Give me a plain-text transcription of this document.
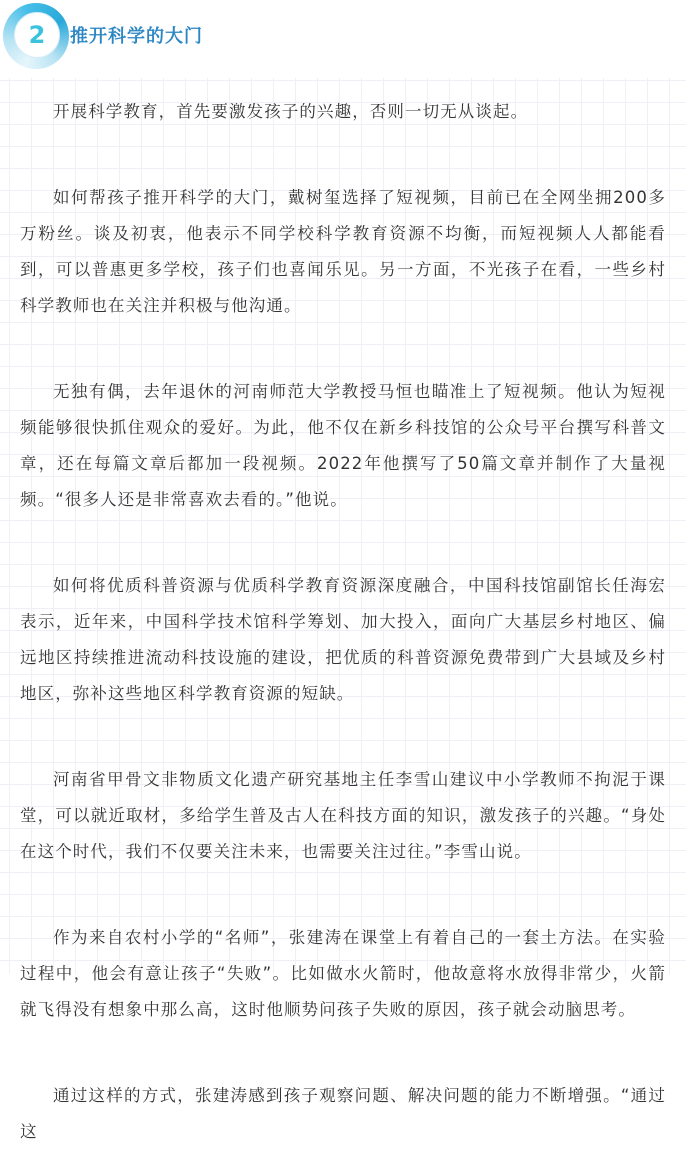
2 推开科学的大门

开展科学教育，首先要激发孩子的兴趣，否则一切无从谈起。

如何帮孩子推开科学的大门，戴树玺选择了短视频，目前已在全网坐拥200多万粉丝。谈及初衷，他表示不同学校科学教育资源不均衡，而短视频人人都能看到，可以普惠更多学校，孩子们也喜闻乐见。另一方面，不光孩子在看，一些乡村科学教师也在关注并积极与他沟通。

无独有偶，去年退休的河南师范大学教授马恒也瞄准上了短视频。他认为短视频能够很快抓住观众的爱好。为此，他不仅在新乡科技馆的公众号平台撰写科普文章，还在每篇文章后都加一段视频。2022年他撰写了50篇文章并制作了大量视频。“很多人还是非常喜欢去看的。”他说。

如何将优质科普资源与优质科学教育资源深度融合，中国科技馆副馆长任海宏表示，近年来，中国科学技术馆科学筹划、加大投入，面向广大基层乡村地区、偏远地区持续推进流动科技设施的建设，把优质的科普资源免费带到广大县域及乡村地区，弥补这些地区科学教育资源的短缺。

河南省甲骨文非物质文化遗产研究基地主任李雪山建议中小学教师不拘泥于课堂，可以就近取材，多给学生普及古人在科技方面的知识，激发孩子的兴趣。“身处在这个时代，我们不仅要关注未来，也需要关注过往。”李雪山说。

作为来自农村小学的“名师”，张建涛在课堂上有着自己的一套土方法。在实验过程中，他会有意让孩子“失败”。比如做水火箭时，他故意将水放得非常少，火箭就飞得没有想象中那么高，这时他顺势问孩子失败的原因，孩子就会动脑思考。

通过这样的方式，张建涛感到孩子观察问题、解决问题的能力不断增强。“通过这
